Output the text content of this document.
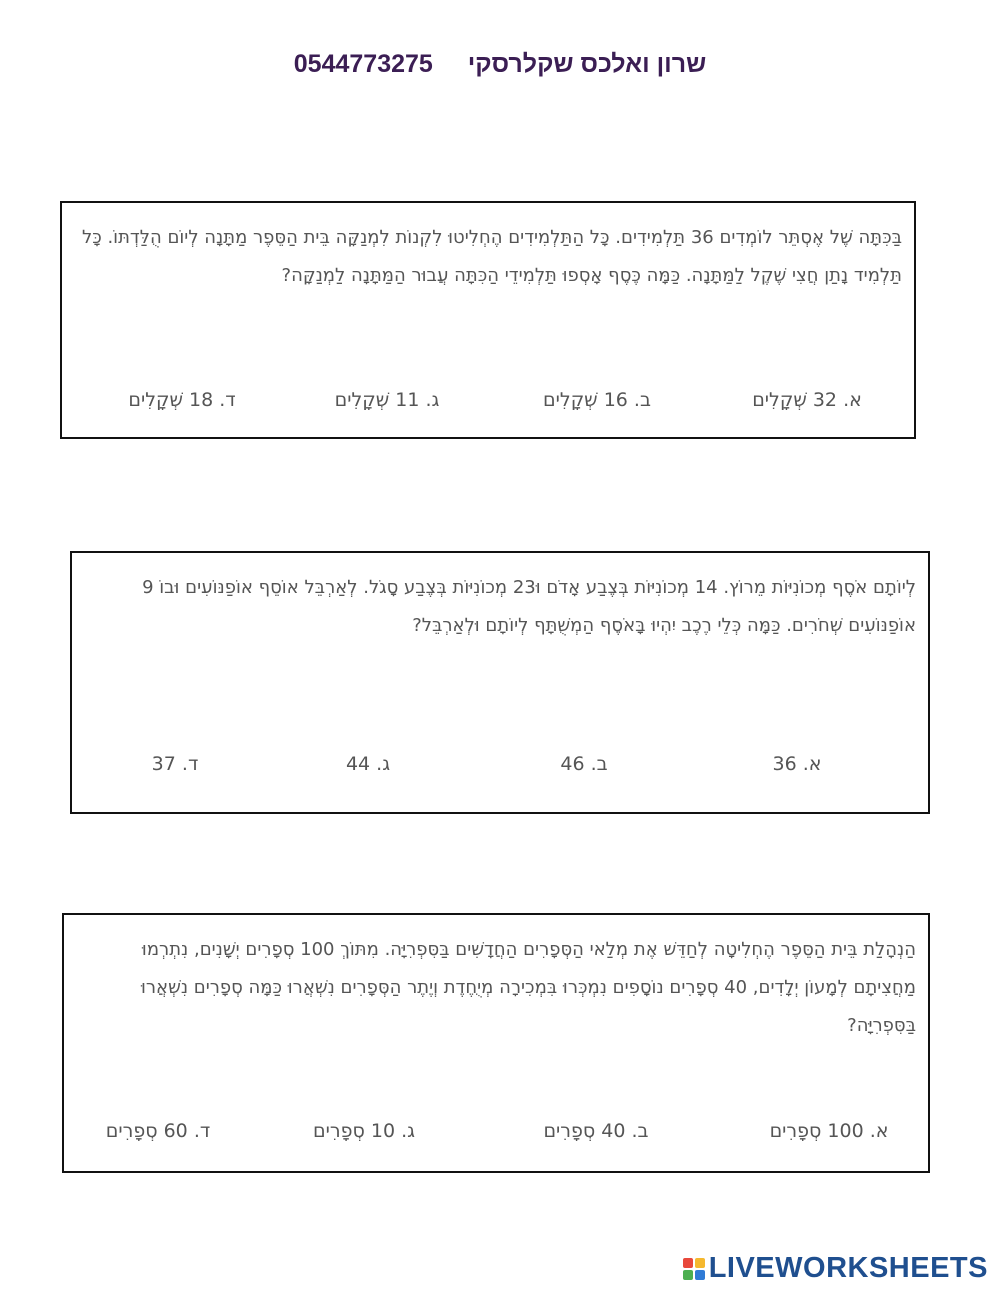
שרון ואלכס שקלרסקי 0544773275
בַּכִּתָּה שֶׁל אֶסְתֵּר לוֹמְדִים 36 תַּלְמִידִים. כָּל הַתַּלְמִידִים הֶחְלִיטוּ לִקְנוֹת לִמְנַקָּה בֵּית הַסֵּפֶר מַתָּנָה לְיוֹם הֻלַּדְתּוֹ. כָּל תַּלְמִיד נָתַן חֲצִי שֶׁקֶל לַמַּתָּנָה. כַּמָּה כֶּסֶף אָסְפוּ תַּלְמִידֵי הַכִּתָּה עֲבוּר הַמַּתָּנָה לַמְנַקָּה?
א. 32 שְׁקָלִים
ב. 16 שְׁקָלִים
ג. 11 שְׁקָלִים
ד. 18 שְׁקָלִים
לְיוֹתָם אֹסֶף מְכוֹנִיּוֹת מֵרוֹץ. 14 מְכוֹנִיּוֹת בְּצֶבַע אָדֹם וּ23 מְכוֹנִיּוֹת בְּצֶבַע סָגֹל. לְאַרְבֵּל אוֹסֵף אוֹפַנּוֹעִים וּבוֹ 9 אוֹפַנּוֹעִים שְׁחֹרִים. כַּמָּה כְּלֵי רֶכֶב יִהְיוּ בָּאֹסֶף הַמְשֻׁתָּף לְיוֹתָם וּלְאַרְבֵּל?
א. 36
ב. 46
ג. 44
ד. 37
הַנְהָלַת בֵּית הַסֵּפֶר הֶחְלִיטָה לְחַדֵּשׁ אֶת מְלַאי הַסְּפָרִים הַחֲדָשִׁים בַּסִּפְרִיָּה. מִתּוֹךְ 100 סְפָרִים יְשָׁנִים, נִתְרְמוּ מַחֲצִיתָם לְמָעוֹן יְלָדִים, 40 סְפָרִים נוֹסָפִים נִמְכְּרוּ בִּמְכִירָה מְיֻחֶדֶת וְיֶתֶר הַסְּפָרִים נִשְׁאֲרוּ כַּמָּה סְפָרִים נִשְׁאֲרוּ בַּסִּפְרִיָּה?
א. 100 סְפָרִים
ב. 40 סְפָרִים
ג. 10 סְפָרִים
ד. 60 סְפָרִים
LIVEWORKSHEETS
